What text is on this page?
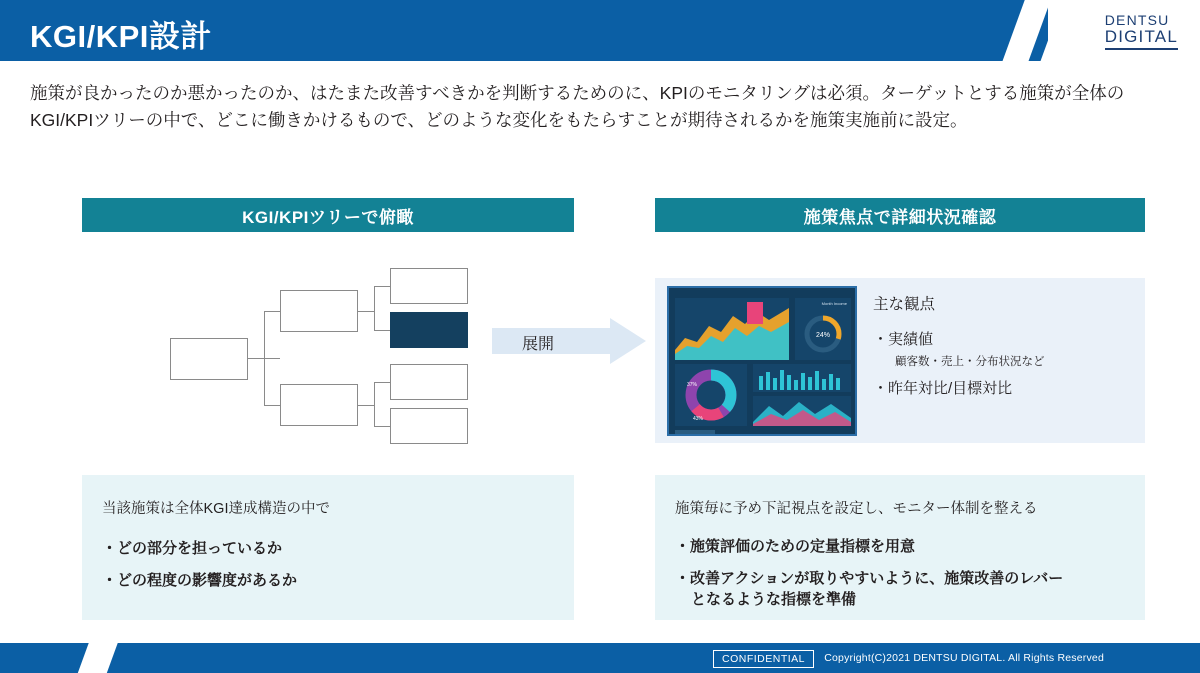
KGI/KPI設計	DENTSU
DIGITAL
施策が良かったのか悪かったのか、はたまた改善すべきかを判断するためのに、KPIのモニタリングは必須。ターゲットとする施策が全体のKGI/KPIツリーの中で、どこに働きかけるもので、どのような変化をもたらすことが期待されるかを施策実施前に設定。
KGI/KPIツリーで俯瞰	施策焦点で詳細状況確認
展開
Month Income
24%
37%
43%
主な観点
・実績値
顧客数・売上・分布状況など
・昨年対比/目標対比
当該施策は全体KGI達成構造の中で
・どの部分を担っているか
・どの程度の影響度があるか
施策毎に予め下記視点を設定し、モニター体制を整える
・施策評価のための定量指標を用意
・改善アクションが取りやすいように、施策改善のレバー
となるような指標を準備
CONFIDENTIAL	Copyright(C)2021 DENTSU DIGITAL. All Rights Reserved
